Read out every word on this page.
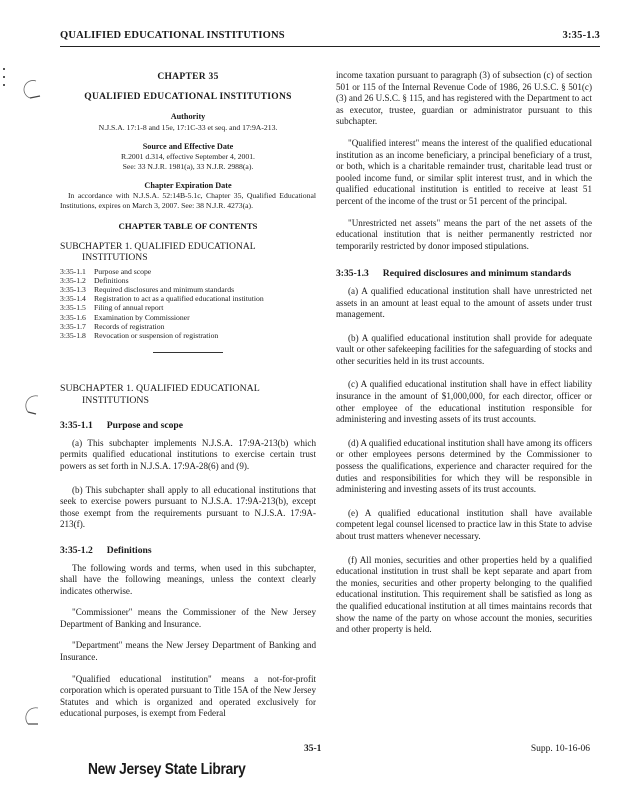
QUALIFIED EDUCATIONAL INSTITUTIONS	3:35-1.3
CHAPTER 35
QUALIFIED EDUCATIONAL INSTITUTIONS
Authority
N.J.S.A. 17:1-8 and 15e, 17:1C-33 et seq. and 17:9A-213.
Source and Effective Date
R.2001 d.314, effective September 4, 2001.
See: 33 N.J.R. 1981(a), 33 N.J.R. 2988(a).
Chapter Expiration Date
In accordance with N.J.S.A. 52:14B-5.1c, Chapter 35, Qualified Educational Institutions, expires on March 3, 2007. See: 38 N.J.R. 4273(a).
CHAPTER TABLE OF CONTENTS
SUBCHAPTER 1. QUALIFIED EDUCATIONAL
INSTITUTIONS
3:35-1.1	Purpose and scope
3:35-1.2	Definitions
3:35-1.3	Required disclosures and minimum standards
3:35-1.4	Registration to act as a qualified educational institution
3:35-1.5	Filing of annual report
3:35-1.6	Examination by Commissioner
3:35-1.7	Records of registration
3:35-1.8	Revocation or suspension of registration
SUBCHAPTER 1. QUALIFIED EDUCATIONAL
INSTITUTIONS
3:35-1.1 Purpose and scope
(a) This subchapter implements N.J.S.A. 17:9A-213(b) which permits qualified educational institutions to exercise certain trust powers as set forth in N.J.S.A. 17:9A-28(6) and (9).
(b) This subchapter shall apply to all educational institutions that seek to exercise powers pursuant to N.J.S.A. 17:9A-213(b), except those exempt from the requirements pursuant to N.J.S.A. 17:9A-213(f).
3:35-1.2 Definitions
The following words and terms, when used in this subchapter, shall have the following meanings, unless the context clearly indicates otherwise.
"Commissioner" means the Commissioner of the New Jersey Department of Banking and Insurance.
"Department" means the New Jersey Department of Banking and Insurance.
"Qualified educational institution" means a not-for-profit corporation which is operated pursuant to Title 15A of the New Jersey Statutes and which is organized and operated exclusively for educational purposes, is exempt from Federal
income taxation pursuant to paragraph (3) of subsection (c) of section 501 or 115 of the Internal Revenue Code of 1986, 26 U.S.C. § 501(c)(3) and 26 U.S.C. § 115, and has registered with the Department to act as executor, trustee, guardian or administrator pursuant to this subchapter.
"Qualified interest" means the interest of the qualified educational institution as an income beneficiary, a principal beneficiary of a trust, or both, which is a charitable remainder trust, charitable lead trust or pooled income fund, or similar split interest trust, and in which the qualified educational institution is entitled to receive at least 51 percent of the income of the trust or 51 percent of the principal.
"Unrestricted net assets" means the part of the net assets of the educational institution that is neither permanently restricted nor temporarily restricted by donor imposed stipulations.
3:35-1.3 Required disclosures and minimum standards
(a) A qualified educational institution shall have unrestricted net assets in an amount at least equal to the amount of assets under trust management.
(b) A qualified educational institution shall provide for adequate vault or other safekeeping facilities for the safeguarding of stocks and other securities held in its trust accounts.
(c) A qualified educational institution shall have in effect liability insurance in the amount of $1,000,000, for each director, officer or other employee of the educational institution responsible for administering and investing assets of its trust accounts.
(d) A qualified educational institution shall have among its officers or other employees persons determined by the Commissioner to possess the qualifications, experience and character required for the duties and responsibilities for which they will be responsible in administering and investing assets of its trust accounts.
(e) A qualified educational institution shall have available competent legal counsel licensed to practice law in this State to advise about trust matters whenever necessary.
(f) All monies, securities and other properties held by a qualified educational institution in trust shall be kept separate and apart from the monies, securities and other property belonging to the qualified educational institution. This requirement shall be satisfied as long as the qualified educational institution at all times maintains records that show the name of the party on whose account the monies, securities and other property is held.
35-1	Supp. 10-16-06
New Jersey State Library
